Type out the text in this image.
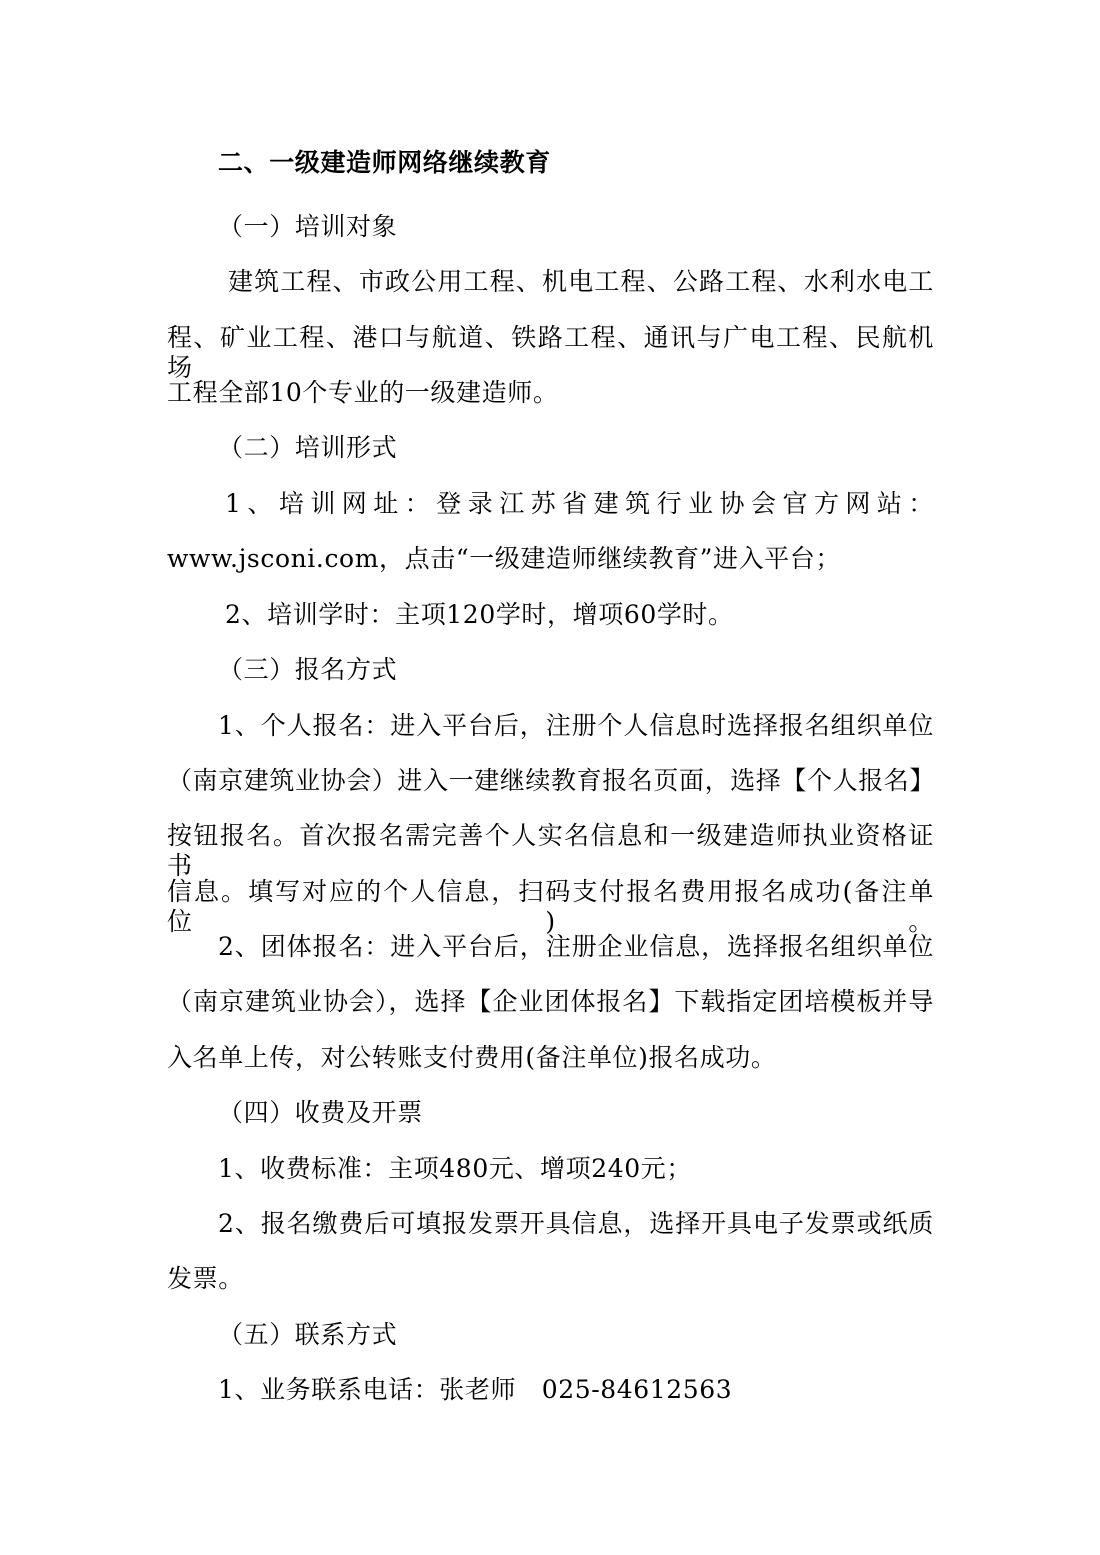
二、一级建造师网络继续教育
（一）培训对象
建筑工程、市政公用工程、机电工程、公路工程、水利水电工
程、矿业工程、港口与航道、铁路工程、通讯与广电工程、民航机场
工程全部10个专业的一级建造师。
（二）培训形式
1、培训网址：登录江苏省建筑行业协会官方网站：
www.jsconi.com，点击“一级建造师继续教育”进入平台；
2、培训学时：主项120学时，增项60学时。
（三）报名方式
1、个人报名：进入平台后，注册个人信息时选择报名组织单位
（南京建筑业协会）进入一建继续教育报名页面，选择【个人报名】
按钮报名。首次报名需完善个人实名信息和一级建造师执业资格证书
信息。填写对应的个人信息，扫码支付报名费用报名成功(备注单位)。
2、团体报名：进入平台后，注册企业信息，选择报名组织单位
（南京建筑业协会），选择【企业团体报名】下载指定团培模板并导
入名单上传，对公转账支付费用(备注单位)报名成功。
（四）收费及开票
1、收费标准：主项480元、增项240元；
2、报名缴费后可填报发票开具信息，选择开具电子发票或纸质
发票。
（五）联系方式
1、业务联系电话：张老师　025-84612563
